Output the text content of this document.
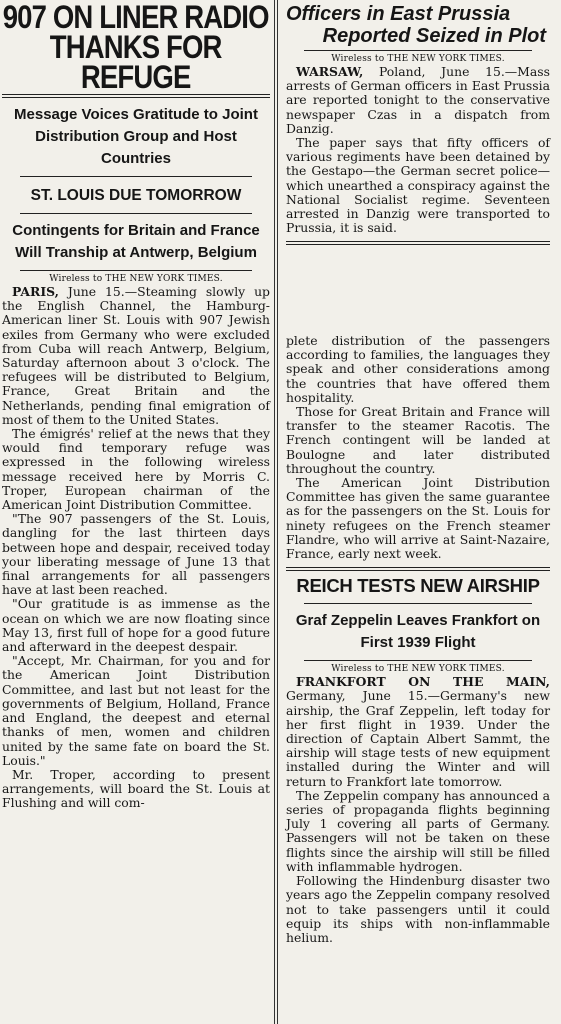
907 ON LINER RADIO
THANKS FOR REFUGE
Message Voices Gratitude to Joint Distribution Group and Host Countries
ST. LOUIS DUE TOMORROW
Contingents for Britain and France Will Tranship at Antwerp, Belgium
Wireless to THE NEW YORK TIMES.

PARIS, June 15.—Steaming slowly up the English Channel, the Hamburg-American liner St. Louis with 907 Jewish exiles from Germany who were excluded from Cuba will reach Antwerp, Belgium, Saturday afternoon about 3 o'clock. The refugees will be distributed to Belgium, France, Great Britain and the Netherlands, pending final emigration of most of them to the United States.

The émigrés' relief at the news that they would find temporary refuge was expressed in the following wireless message received here by Morris C. Troper, European chairman of the American Joint Distribution Committee.

"The 907 passengers of the St. Louis, dangling for the last thirteen days between hope and despair, received today your liberating message of June 13 that final arrangements for all passengers have at last been reached.

"Our gratitude is as immense as the ocean on which we are now floating since May 13, first full of hope for a good future and afterward in the deepest despair.

"Accept, Mr. Chairman, for you and for the American Joint Distribution Committee, and last but not least for the governments of Belgium, Holland, France and England, the deepest and eternal thanks of men, women and children united by the same fate on board the St. Louis."

Mr. Troper, according to present arrangements, will board the St. Louis at Flushing and will com-

Officers in East Prussia
Reported Seized in Plot
Wireless to THE NEW YORK TIMES.

WARSAW, Poland, June 15.—Mass arrests of German officers in East Prussia are reported tonight to the conservative newspaper Czas in a dispatch from Danzig.

The paper says that fifty officers of various regiments have been detained by the Gestapo—the German secret police—which unearthed a conspiracy against the National Socialist regime. Seventeen arrested in Danzig were transported to Prussia, it is said.

plete distribution of the passengers according to families, the languages they speak and other considerations among the countries that have offered them hospitality.

Those for Great Britain and France will transfer to the steamer Racotis. The French contingent will be landed at Boulogne and later distributed throughout the country.

The American Joint Distribution Committee has given the same guarantee as for the passengers on the St. Louis for ninety refugees on the French steamer Flandre, who will arrive at Saint-Nazaire, France, early next week.

REICH TESTS NEW AIRSHIP
Graf Zeppelin Leaves Frankfort on First 1939 Flight
Wireless to THE NEW YORK TIMES.

FRANKFORT ON THE MAIN, Germany, June 15.—Germany's new airship, the Graf Zeppelin, left today for her first flight in 1939. Under the direction of Captain Albert Sammt, the airship will stage tests of new equipment installed during the Winter and will return to Frankfort late tomorrow.

The Zeppelin company has announced a series of propaganda flights beginning July 1 covering all parts of Germany. Passengers will not be taken on these flights since the airship will still be filled with inflammable hydrogen.

Following the Hindenburg disaster two years ago the Zeppelin company resolved not to take passengers until it could equip its ships with non-inflammable helium.
